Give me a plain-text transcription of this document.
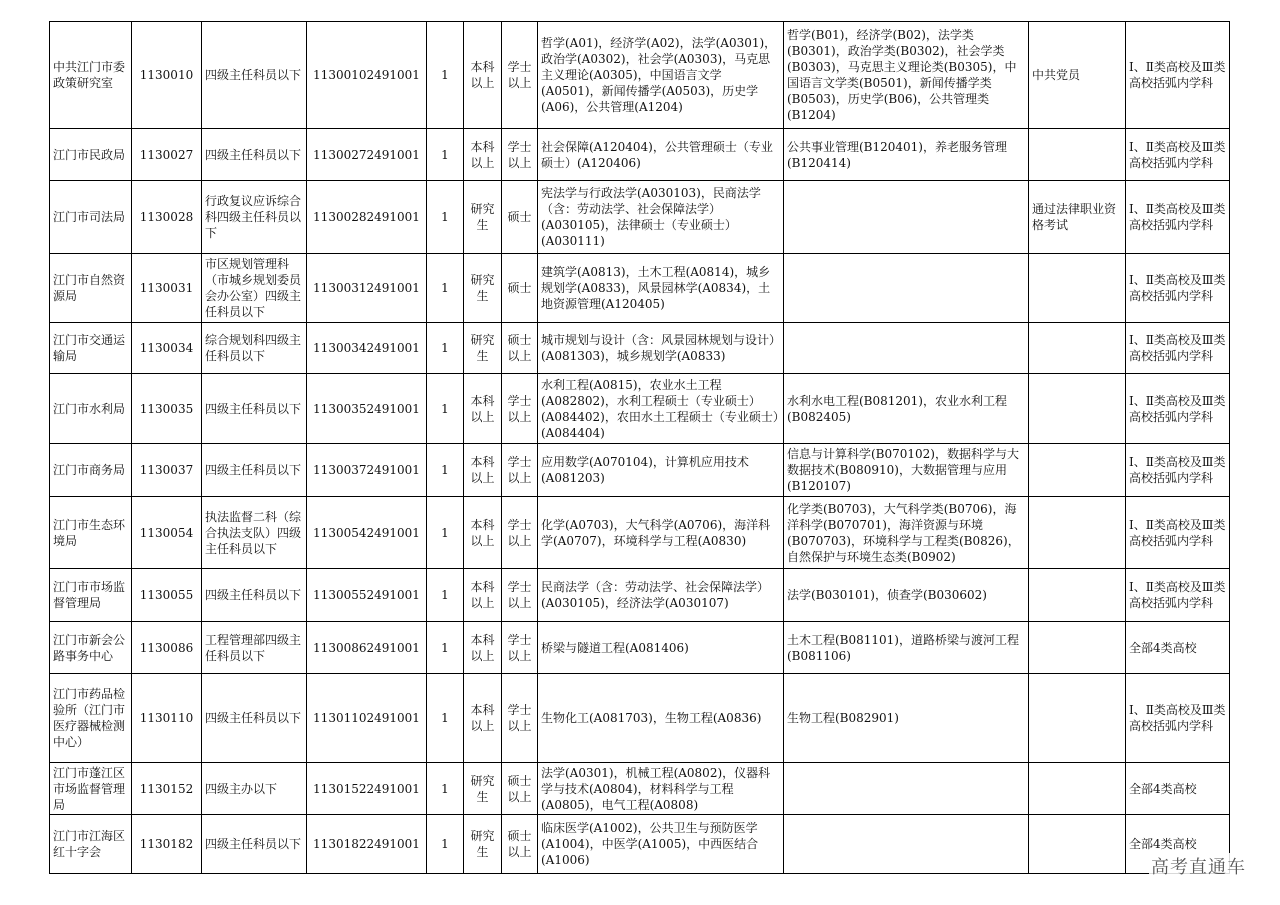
中共江门市委政策研究室	1130010	四级主任科员以下	11300102491001	1	本科以上	学士以上	哲学(A01)，经济学(A02)，法学(A0301)，政治学(A0302)，社会学(A0303)，马克思主义理论(A0305)，中国语言文学(A0501)，新闻传播学(A0503)，历史学(A06)，公共管理(A1204)	哲学(B01)，经济学(B02)，法学类(B0301)，政治学类(B0302)，社会学类(B0303)，马克思主义理论类(B0305)，中国语言文学类(B0501)，新闻传播学类(B0503)，历史学(B06)，公共管理类(B1204)	中共党员	Ⅰ、Ⅱ类高校及Ⅲ类高校括弧内学科
江门市民政局	1130027	四级主任科员以下	11300272491001	1	本科以上	学士以上	社会保障(A120404)，公共管理硕士（专业硕士）(A120406)	公共事业管理(B120401)，养老服务管理(B120414)		Ⅰ、Ⅱ类高校及Ⅲ类高校括弧内学科
江门市司法局	1130028	行政复议应诉综合科四级主任科员以下	11300282491001	1	研究生	硕士	宪法学与行政法学(A030103)，民商法学（含：劳动法学、社会保障法学）(A030105)，法律硕士（专业硕士）(A030111)		通过法律职业资格考试	Ⅰ、Ⅱ类高校及Ⅲ类高校括弧内学科
江门市自然资源局	1130031	市区规划管理科（市城乡规划委员会办公室）四级主任科员以下	11300312491001	1	研究生	硕士	建筑学(A0813)，土木工程(A0814)，城乡规划学(A0833)，风景园林学(A0834)，土地资源管理(A120405)			Ⅰ、Ⅱ类高校及Ⅲ类高校括弧内学科
江门市交通运输局	1130034	综合规划科四级主任科员以下	11300342491001	1	研究生	硕士以上	城市规划与设计（含：风景园林规划与设计）(A081303)，城乡规划学(A0833)			Ⅰ、Ⅱ类高校及Ⅲ类高校括弧内学科
江门市水利局	1130035	四级主任科员以下	11300352491001	1	本科以上	学士以上	水利工程(A0815)，农业水土工程(A082802)，水利工程硕士（专业硕士）(A084402)，农田水土工程硕士（专业硕士）(A084404)	水利水电工程(B081201)，农业水利工程(B082405)		Ⅰ、Ⅱ类高校及Ⅲ类高校括弧内学科
江门市商务局	1130037	四级主任科员以下	11300372491001	1	本科以上	学士以上	应用数学(A070104)，计算机应用技术(A081203)	信息与计算科学(B070102)，数据科学与大数据技术(B080910)，大数据管理与应用(B120107)		Ⅰ、Ⅱ类高校及Ⅲ类高校括弧内学科
江门市生态环境局	1130054	执法监督二科（综合执法支队）四级主任科员以下	11300542491001	1	本科以上	学士以上	化学(A0703)，大气科学(A0706)，海洋科学(A0707)，环境科学与工程(A0830)	化学类(B0703)，大气科学类(B0706)，海洋科学(B070701)，海洋资源与环境(B070703)，环境科学与工程类(B0826)，自然保护与环境生态类(B0902)		Ⅰ、Ⅱ类高校及Ⅲ类高校括弧内学科
江门市市场监督管理局	1130055	四级主任科员以下	11300552491001	1	本科以上	学士以上	民商法学（含：劳动法学、社会保障法学）(A030105)，经济法学(A030107)	法学(B030101)，侦查学(B030602)		Ⅰ、Ⅱ类高校及Ⅲ类高校括弧内学科
江门市新会公路事务中心	1130086	工程管理部四级主任科员以下	11300862491001	1	本科以上	学士以上	桥梁与隧道工程(A081406)	土木工程(B081101)，道路桥梁与渡河工程(B081106)		全部4类高校
江门市药品检验所（江门市医疗器械检测中心）	1130110	四级主任科员以下	11301102491001	1	本科以上	学士以上	生物化工(A081703)，生物工程(A0836)	生物工程(B082901)		Ⅰ、Ⅱ类高校及Ⅲ类高校括弧内学科
江门市蓬江区市场监督管理局	1130152	四级主办以下	11301522491001	1	研究生	硕士以上	法学(A0301)，机械工程(A0802)，仪器科学与技术(A0804)，材料科学与工程(A0805)，电气工程(A0808)			全部4类高校
江门市江海区红十字会	1130182	四级主任科员以下	11301822491001	1	研究生	硕士以上	临床医学(A1002)，公共卫生与预防医学(A1004)，中医学(A1005)，中西医结合(A1006)			全部4类高校
高考直通车
